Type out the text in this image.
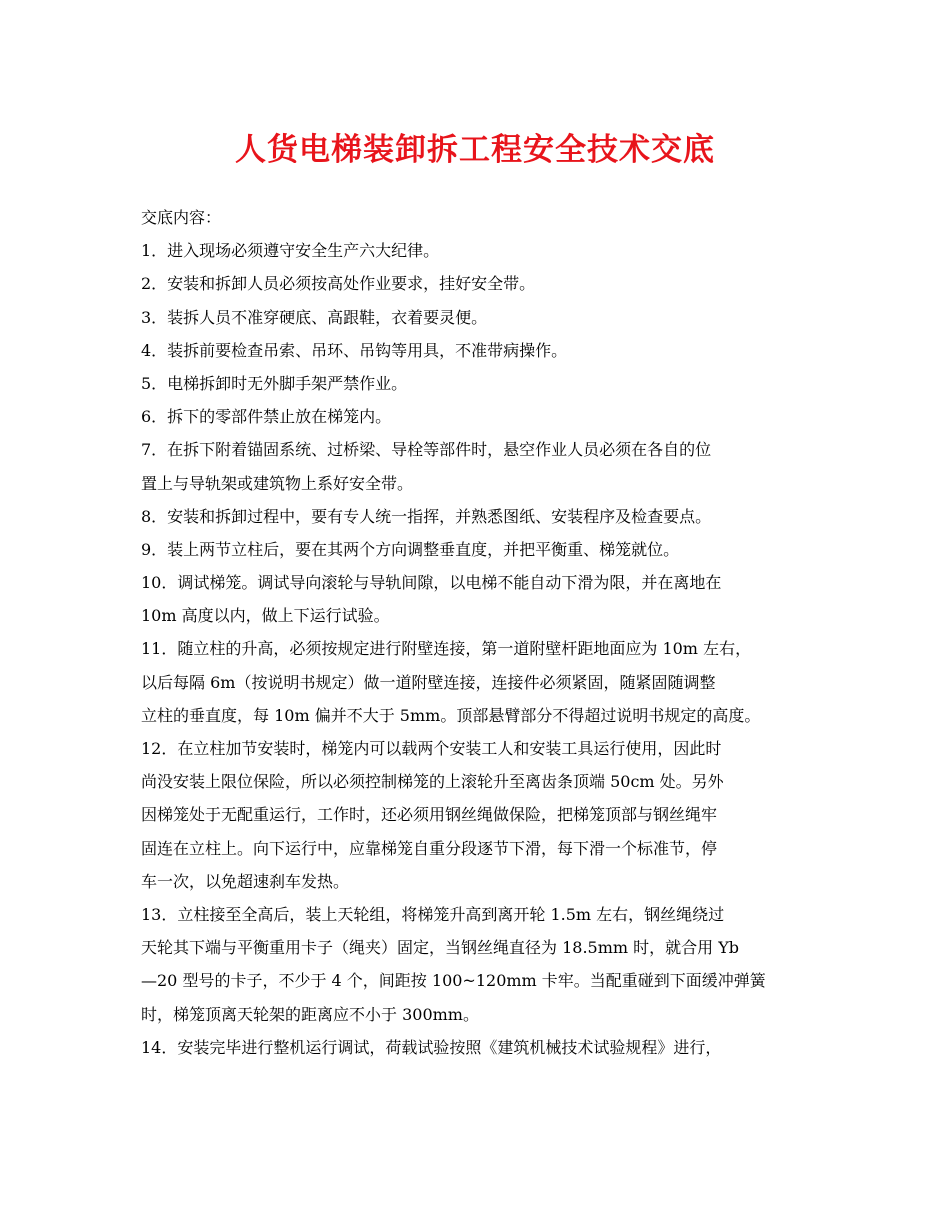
人货电梯装卸拆工程安全技术交底
交底内容：
1．进入现场必须遵守安全生产六大纪律。
2．安装和拆卸人员必须按高处作业要求，挂好安全带。
3．装拆人员不准穿硬底、高跟鞋，衣着要灵便。
4．装拆前要检查吊索、吊环、吊钩等用具，不准带病操作。
5．电梯拆卸时无外脚手架严禁作业。
6．拆下的零部件禁止放在梯笼内。
7．在拆下附着锚固系统、过桥梁、导栓等部件时，悬空作业人员必须在各自的位
置上与导轨架或建筑物上系好安全带。
8．安装和拆卸过程中，要有专人统一指挥，并熟悉图纸、安装程序及检查要点。
9．装上两节立柱后，要在其两个方向调整垂直度，并把平衡重、梯笼就位。
10．调试梯笼。调试导向滚轮与导轨间隙，以电梯不能自动下滑为限，并在离地在
10m 高度以内，做上下运行试验。
11．随立柱的升高，必须按规定进行附壁连接，第一道附壁杆距地面应为 10m 左右，
以后每隔 6m（按说明书规定）做一道附壁连接，连接件必须紧固，随紧固随调整
立柱的垂直度，每 10m 偏并不大于 5mm。顶部悬臂部分不得超过说明书规定的高度。
12．在立柱加节安装时，梯笼内可以载两个安装工人和安装工具运行使用，因此时
尚没安装上限位保险，所以必须控制梯笼的上滚轮升至离齿条顶端 50cm 处。另外
因梯笼处于无配重运行，工作时，还必须用钢丝绳做保险，把梯笼顶部与钢丝绳牢
固连在立柱上。向下运行中，应靠梯笼自重分段逐节下滑，每下滑一个标准节，停
车一次，以免超速刹车发热。
13．立柱接至全高后，装上天轮组，将梯笼升高到离开轮 1.5m 左右，钢丝绳绕过
天轮其下端与平衡重用卡子（绳夹）固定，当钢丝绳直径为 18.5mm 时，就合用 Yb
—20 型号的卡子，不少于 4 个，间距按 100~120mm 卡牢。当配重碰到下面缓冲弹簧
时，梯笼顶离天轮架的距离应不小于 300mm。
14．安装完毕进行整机运行调试，荷载试验按照《建筑机械技术试验规程》进行，
